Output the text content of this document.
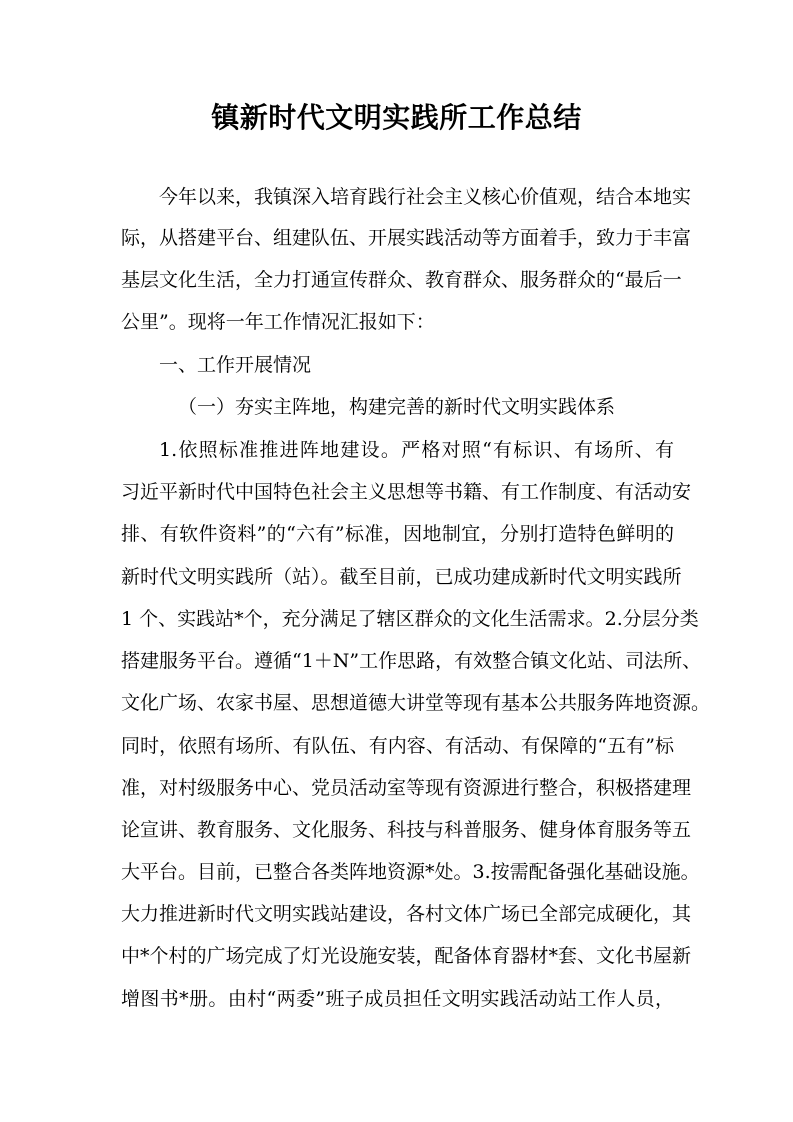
镇新时代文明实践所工作总结
今年以来，我镇深入培育践行社会主义核心价值观，结合本地实
际，从搭建平台、组建队伍、开展实践活动等方面着手，致力于丰富
基层文化生活，全力打通宣传群众、教育群众、服务群众的“最后一
公里”。现将一年工作情况汇报如下：
一、工作开展情况
（一）夯实主阵地，构建完善的新时代文明实践体系
1.依照标准推进阵地建设。严格对照“有标识、有场所、有
习近平新时代中国特色社会主义思想等书籍、有工作制度、有活动安
排、有软件资料”的“六有”标准，因地制宜，分别打造特色鲜明的
新时代文明实践所（站）。截至目前，已成功建成新时代文明实践所
1 个、实践站*个，充分满足了辖区群众的文化生活需求。2.分层分类
搭建服务平台。遵循“1＋N”工作思路，有效整合镇文化站、司法所、
文化广场、农家书屋、思想道德大讲堂等现有基本公共服务阵地资源。
同时，依照有场所、有队伍、有内容、有活动、有保障的“五有”标
准，对村级服务中心、党员活动室等现有资源进行整合，积极搭建理
论宣讲、教育服务、文化服务、科技与科普服务、健身体育服务等五
大平台。目前，已整合各类阵地资源*处。3.按需配备强化基础设施。
大力推进新时代文明实践站建设，各村文体广场已全部完成硬化，其
中*个村的广场完成了灯光设施安装，配备体育器材*套、文化书屋新
增图书*册。由村“两委”班子成员担任文明实践活动站工作人员，
